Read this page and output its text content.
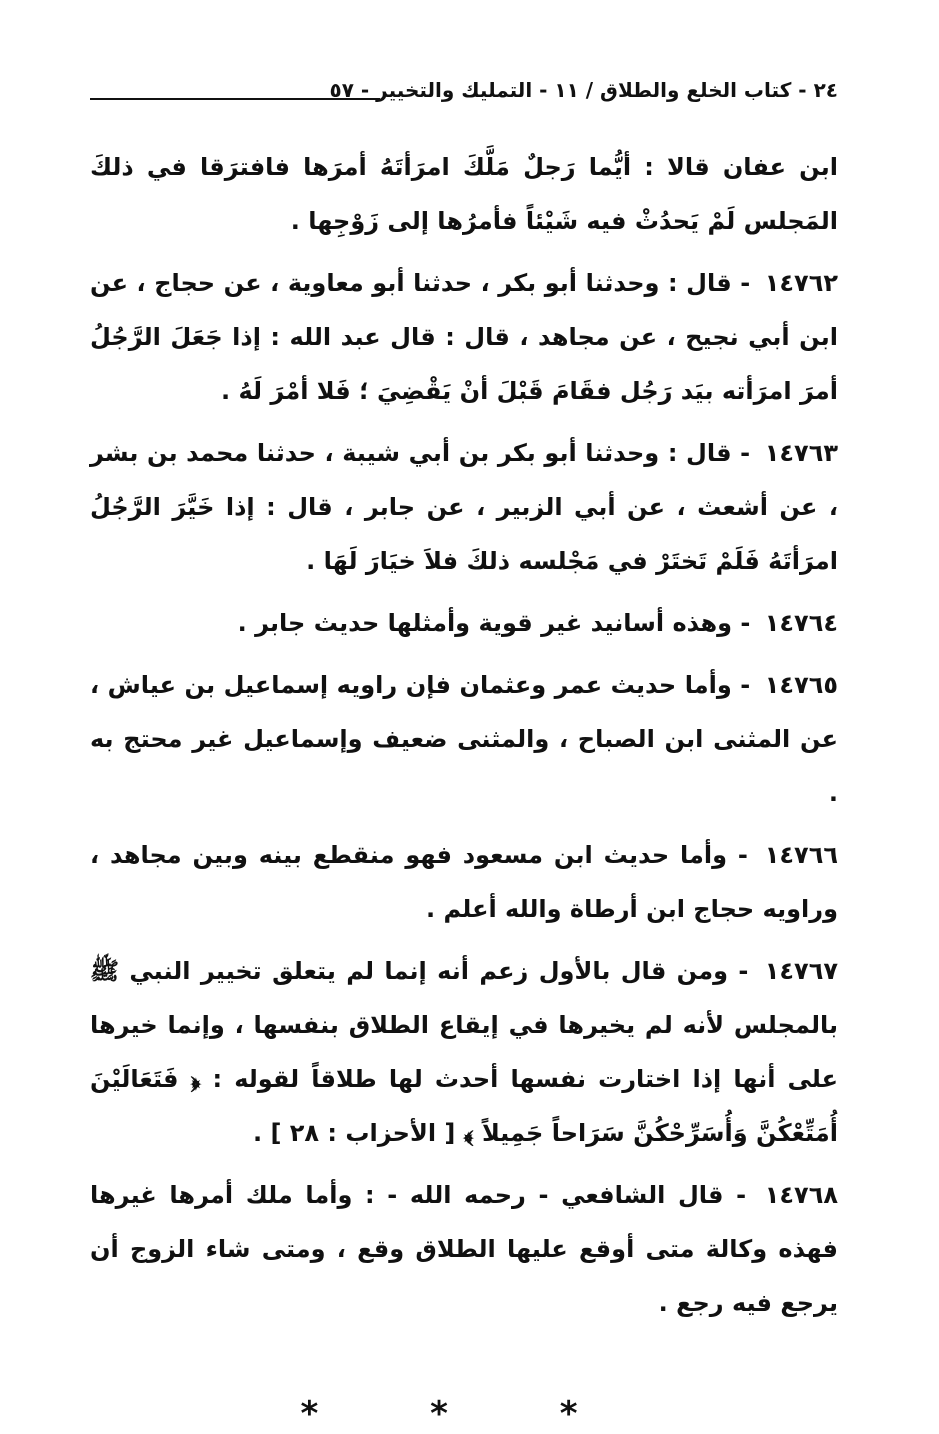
٢٤ - كتاب الخلع والطلاق / ١١ - التمليك والتخيير - ٥٧

ابن عفان قالا : أيُّما رَجلٌ مَلَّكَ امرَأتَهُ أمرَها فافترَقا في ذلكَ المَجلس لَمْ يَحدُثْ فيه شَيْئاً فأمرُها إلى زَوْجِها .

١٤٧٦٢ - قال : وحدثنا أبو بكر ، حدثنا أبو معاوية ، عن حجاج ، عن ابن أبي نجيح ، عن مجاهد ، قال : قال عبد الله : إذا جَعَلَ الرَّجُلُ أمرَ امرَأته بيَد رَجُل فقَامَ قَبْلَ أنْ يَقْضِيَ ؛ فَلا أمْرَ لَهُ .

١٤٧٦٣ - قال : وحدثنا أبو بكر بن أبي شيبة ، حدثنا محمد بن بشر ، عن أشعث ، عن أبي الزبير ، عن جابر ، قال : إذا خَيَّرَ الرَّجُلُ امرَأتَهُ فَلَمْ تَختَرْ في مَجْلسه ذلكَ فلاَ خيَارَ لَهَا .

١٤٧٦٤ - وهذه أسانيد غير قوية وأمثلها حديث جابر .

١٤٧٦٥ - وأما حديث عمر وعثمان فإن راويه إسماعيل بن عياش ، عن المثنى ابن الصباح ، والمثنى ضعيف وإسماعيل غير محتج به .

١٤٧٦٦ - وأما حديث ابن مسعود فهو منقطع بينه وبين مجاهد ، وراويه حجاج ابن أرطاة والله أعلم .

١٤٧٦٧ - ومن قال بالأول زعم أنه إنما لم يتعلق تخيير النبي ﷺ بالمجلس لأنه لم يخيرها في إيقاع الطلاق بنفسها ، وإنما خيرها على أنها إذا اختارت نفسها أحدث لها طلاقاً لقوله : ﴿ فَتَعَالَيْنَ أُمَتِّعْكُنَّ وَأُسَرِّحْكُنَّ سَرَاحاً جَمِيلاً ﴾ [ الأحزاب : ٢٨ ] .

١٤٧٦٨ - قال الشافعي - رحمه الله - : وأما ملك أمرها غيرها فهذه وكالة متى أوقع عليها الطلاق وقع ، ومتى شاء الزوج أن يرجع فيه رجع .

* * *
